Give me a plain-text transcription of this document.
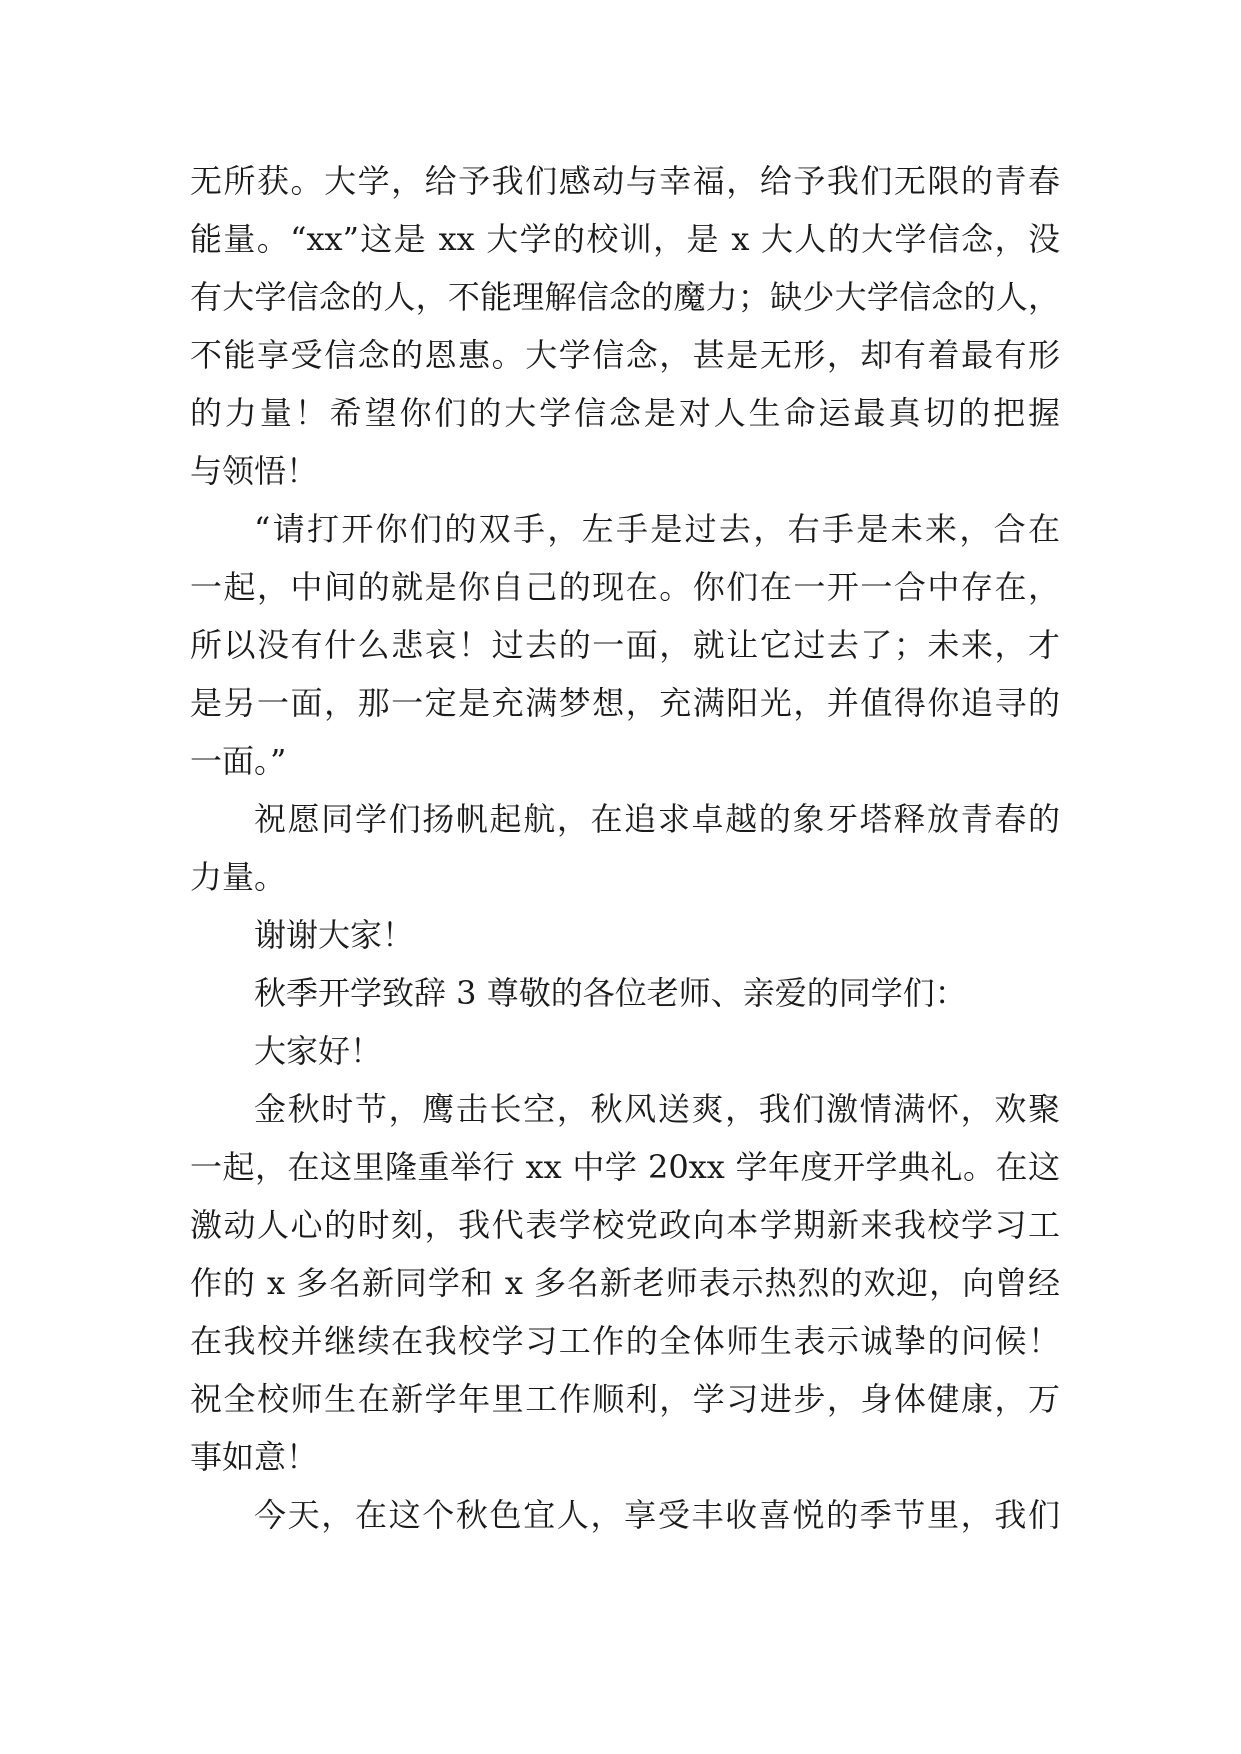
无所获。大学，给予我们感动与幸福，给予我们无限的青春
能量。“xx”这是 xx 大学的校训，是 x 大人的大学信念，没
有大学信念的人，不能理解信念的魔力；缺少大学信念的人，
不能享受信念的恩惠。大学信念，甚是无形，却有着最有形
的力量！希望你们的大学信念是对人生命运最真切的把握
与领悟！
“请打开你们的双手，左手是过去，右手是未来，合在
一起，中间的就是你自己的现在。你们在一开一合中存在，
所以没有什么悲哀！过去的一面，就让它过去了；未来，才
是另一面，那一定是充满梦想，充满阳光，并值得你追寻的
一面。”
祝愿同学们扬帆起航，在追求卓越的象牙塔释放青春的
力量。
谢谢大家！
秋季开学致辞 3 尊敬的各位老师、亲爱的同学们：
大家好！
金秋时节，鹰击长空，秋风送爽，我们激情满怀，欢聚
一起，在这里隆重举行 xx 中学 20xx 学年度开学典礼。在这
激动人心的时刻，我代表学校党政向本学期新来我校学习工
作的 x 多名新同学和 x 多名新老师表示热烈的欢迎，向曾经
在我校并继续在我校学习工作的全体师生表示诚挚的问候！
祝全校师生在新学年里工作顺利，学习进步，身体健康，万
事如意！
今天，在这个秋色宜人，享受丰收喜悦的季节里，我们
